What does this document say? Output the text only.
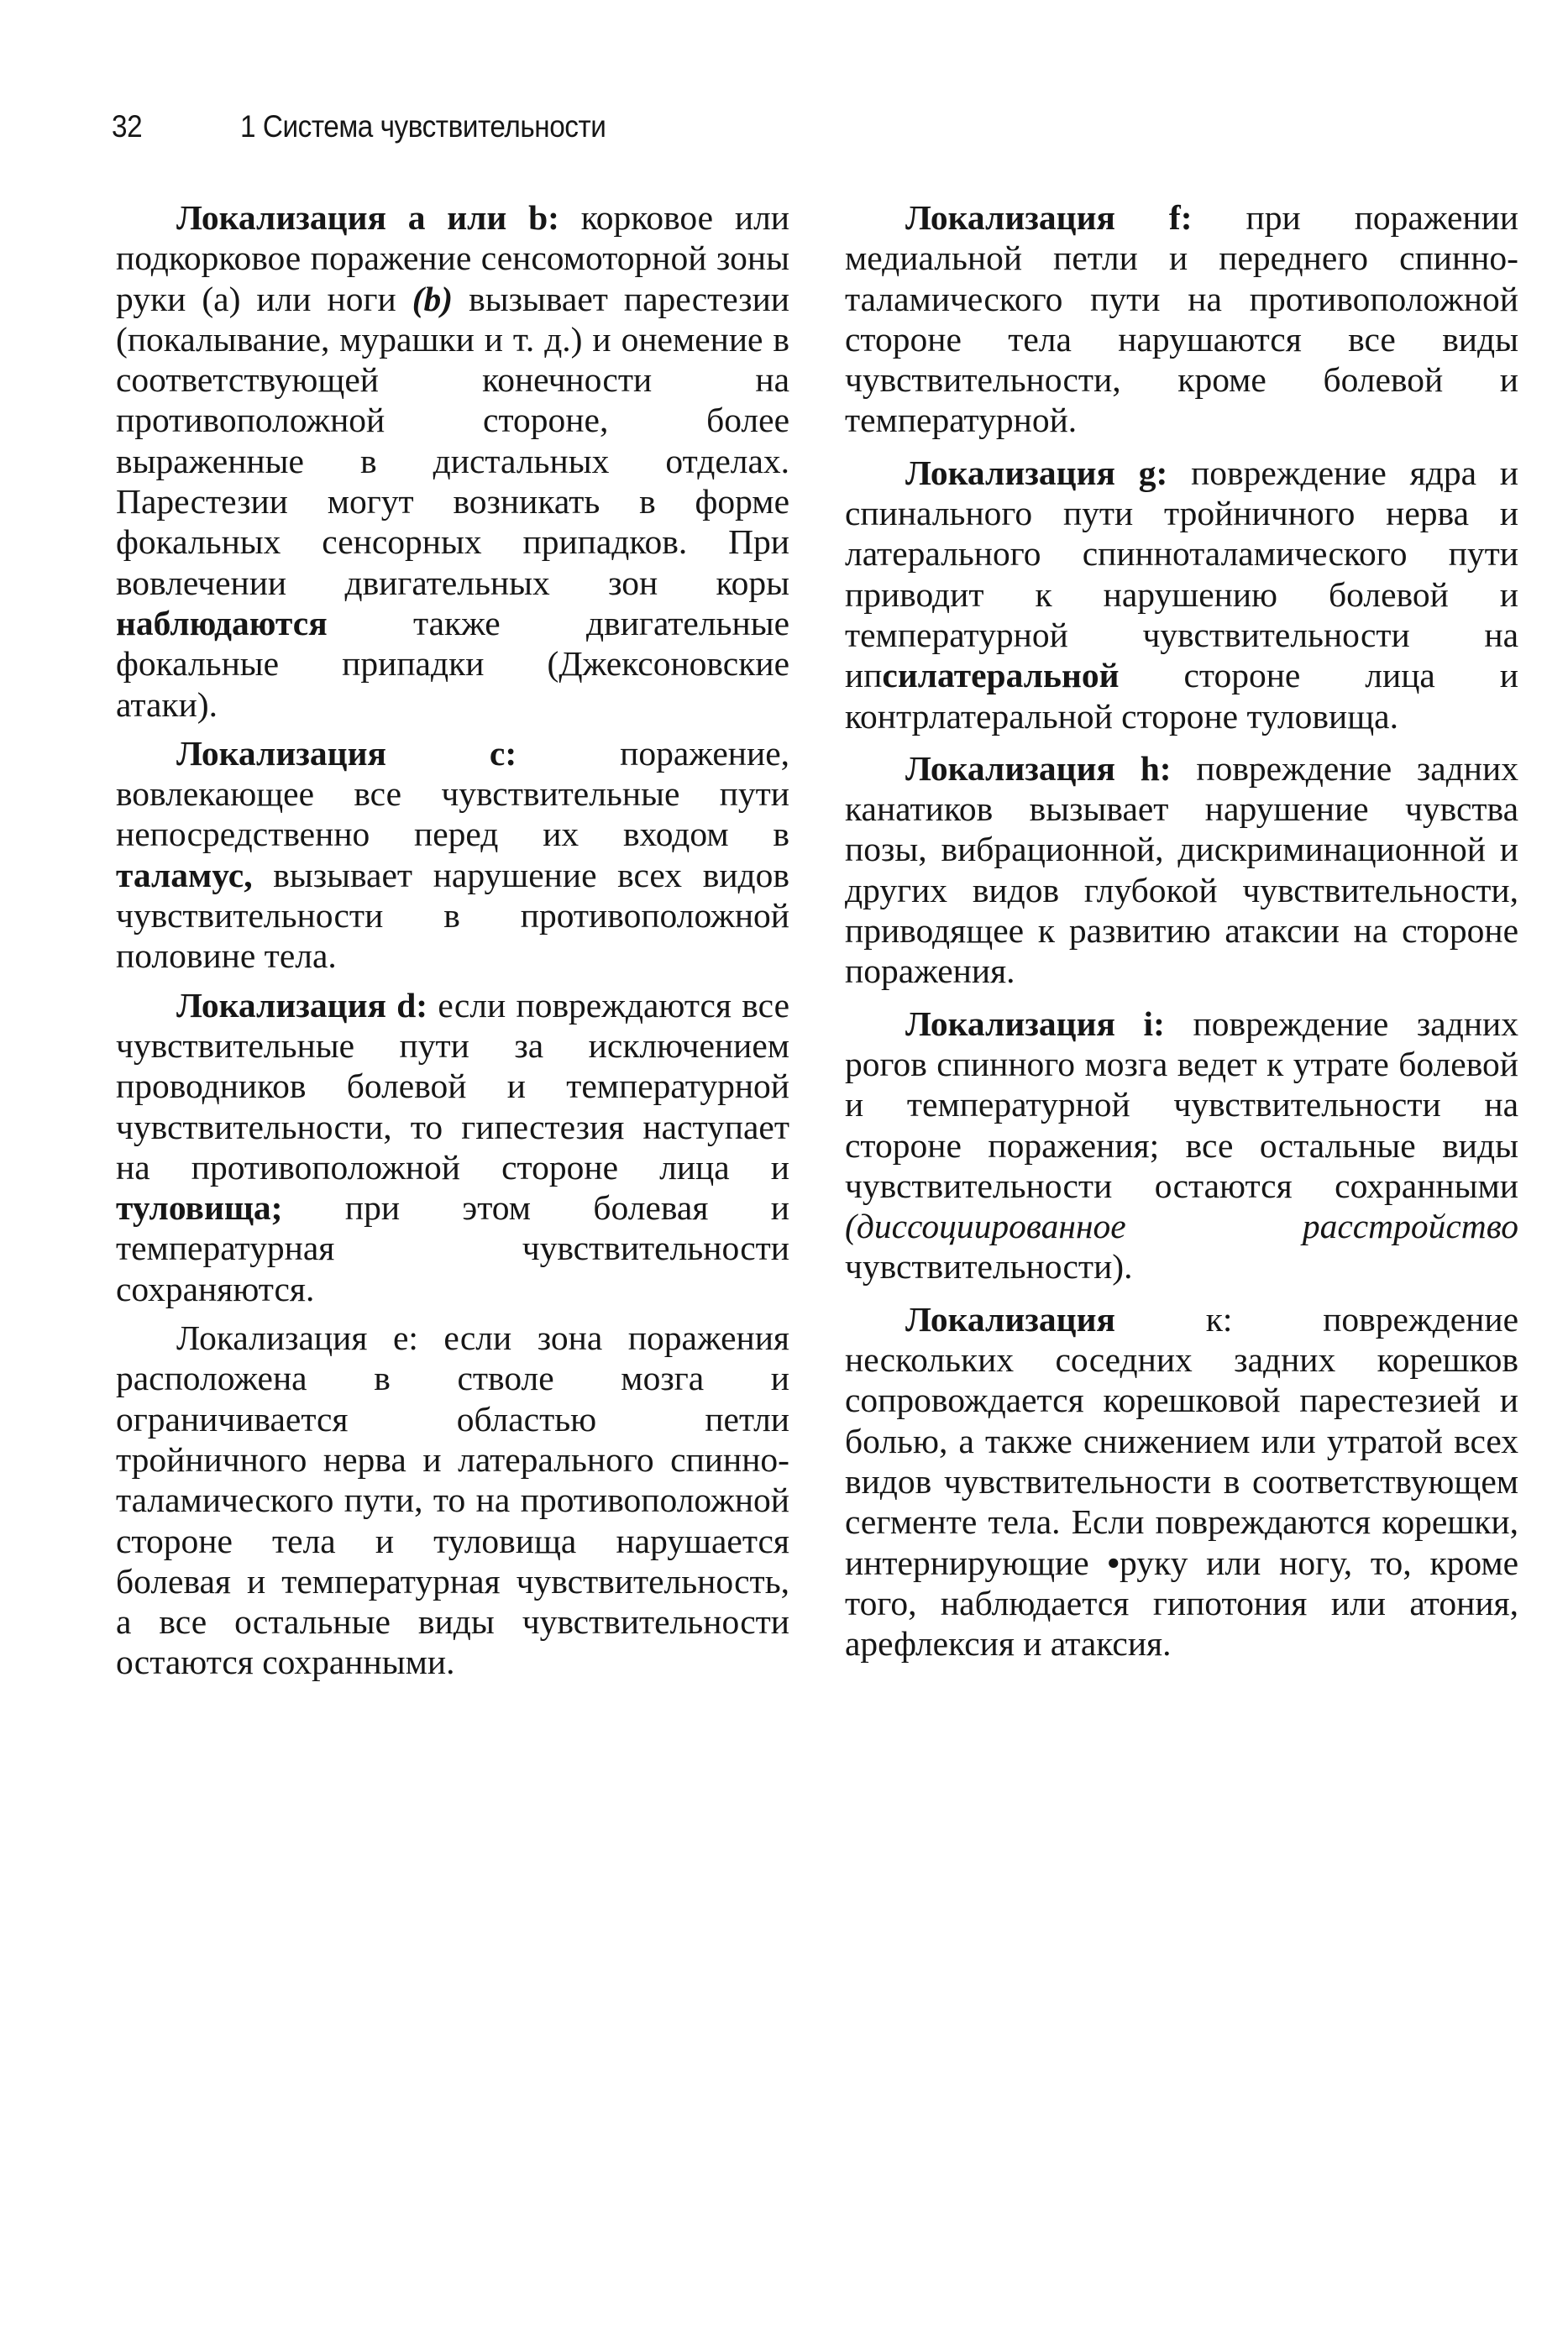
32	1 Система чувствительности

Локализация a или b: корковое или подкорковое поражение сенсомоторной зоны руки (a) или ноги (b) вызывает парестезии (покалывание, мурашки и т. д.) и онемение в соответствующей конечности на противоположной стороне, более выраженные в дистальных отделах. Парестезии могут возникать в форме фокальных сенсорных припадков. При вовлечении двигательных зон коры наблюдаются также двигательные фокальные припадки (Джексоновские атаки).

Локализация c: поражение, вовлекающее все чувствительные пути непосредственно перед их входом в таламус, вызывает нарушение всех видов чувствительности в противоположной половине тела.

Локализация d: если повреждаются все чувствительные пути за исключением проводников болевой и температурной чувствительности, то гипестезия наступает на противоположной стороне лица и туловища; при этом болевая и температурная чувствительности сохраняются.

Локализация e: если зона поражения расположена в стволе мозга и ограничивается областью петли тройничного нерва и латерального спинно-таламического пути, то на противоположной стороне тела и туловища нарушается болевая и температурная чувствительность, а все остальные виды чувствительности остаются сохранными.

Локализация f: при поражении медиальной петли и переднего спинно-таламического пути на противоположной стороне тела нарушаются все виды чувствительности, кроме болевой и температурной.

Локализация g: повреждение ядра и спинального пути тройничного нерва и латерального спинноталамического пути приводит к нарушению болевой и температурной чувствительности на ипсилатеральной стороне лица и контрлатеральной стороне туловища.

Локализация h: повреждение задних канатиков вызывает нарушение чувства позы, вибрационной, дискриминационной и других видов глубокой чувствительности, приводящее к развитию атаксии на стороне поражения.

Локализация i: повреждение задних рогов спинного мозга ведет к утрате болевой и температурной чувствительности на стороне поражения; все остальные виды чувствительности остаются сохранными (диссоциированное расстройство чувствительности).

Локализация к: повреждение нескольких соседних задних корешков сопровождается корешковой парестезией и болью, а также снижением или утратой всех видов чувствительности в соответствующем сегменте тела. Если повреждаются корешки, интернирующие •руку или ногу, то, кроме того, наблюдается гипотония или атония, арефлексия и атаксия.
